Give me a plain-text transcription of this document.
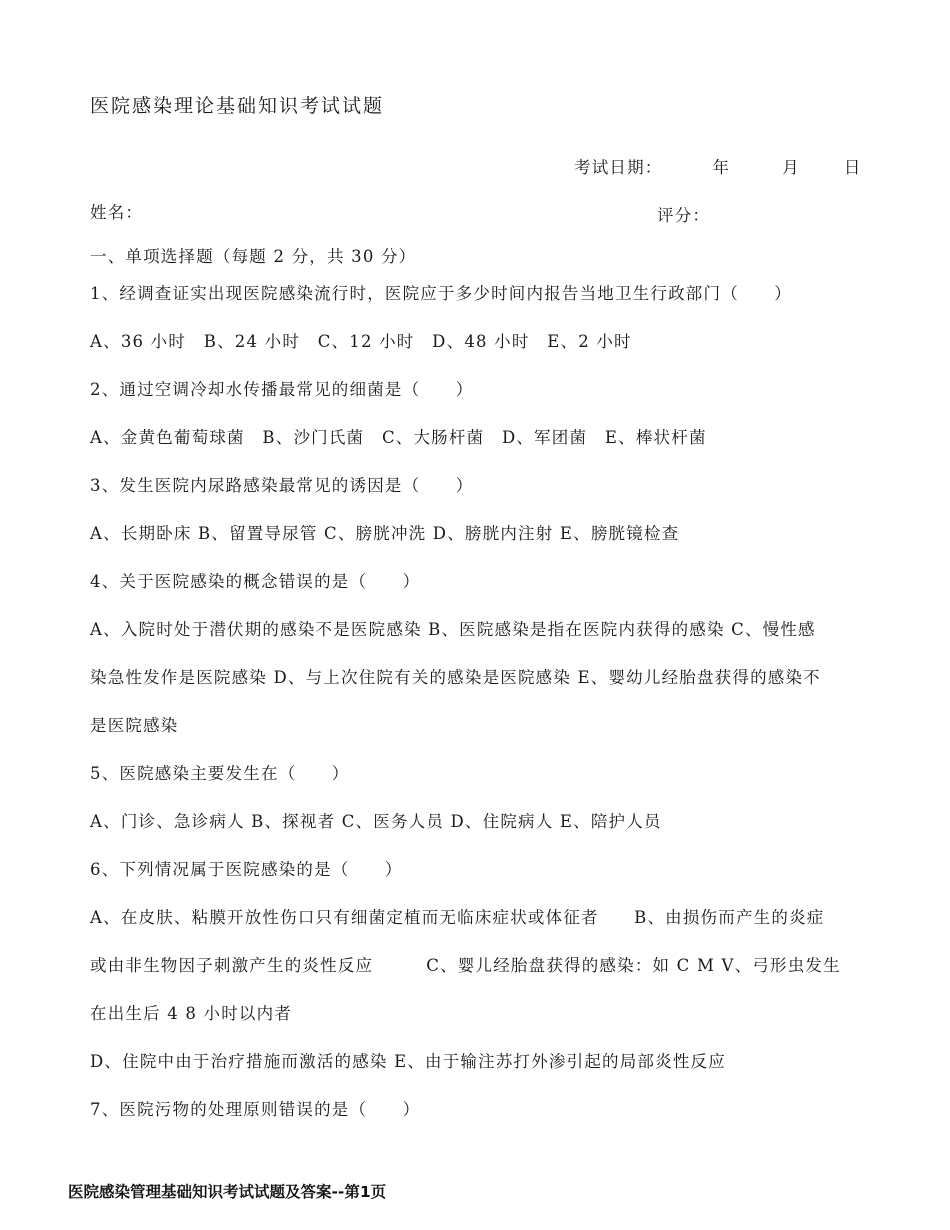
医院感染理论基础知识考试试题
考试日期：	年	月	日
姓名：	评分：
一、单项选择题（每题 2 分，共 30 分）
1、经调查证实出现医院感染流行时，医院应于多少时间内报告当地卫生行政部门（　　）
A、36 小时　B、24 小时　C、12 小时　D、48 小时　E、2 小时
2、通过空调冷却水传播最常见的细菌是（　　）
A、金黄色葡萄球菌　B、沙门氏菌　C、大肠杆菌　D、军团菌　E、棒状杆菌
3、发生医院内尿路感染最常见的诱因是（　　）
A、长期卧床 B、留置导尿管 C、膀胱冲洗 D、膀胱内注射 E、膀胱镜检查
4、关于医院感染的概念错误的是（　　）
A、入院时处于潜伏期的感染不是医院感染 B、医院感染是指在医院内获得的感染 C、慢性感
染急性发作是医院感染 D、与上次住院有关的感染是医院感染 E、婴幼儿经胎盘获得的感染不
是医院感染
5、医院感染主要发生在（　　）
A、门诊、急诊病人 B、探视者 C、医务人员 D、住院病人 E、陪护人员
6、下列情况属于医院感染的是（　　）
A、在皮肤、粘膜开放性伤口只有细菌定植而无临床症状或体征者　　B、由损伤而产生的炎症
或由非生物因子刺激产生的炎性反应　　　C、婴儿经胎盘获得的感染：如 C M V、弓形虫发生
在出生后 4 8 小时以内者
D、住院中由于治疗措施而激活的感染 E、由于输注苏打外渗引起的局部炎性反应
7、医院污物的处理原则错误的是（　　）
医院感染管理基础知识考试试题及答案--第1页
